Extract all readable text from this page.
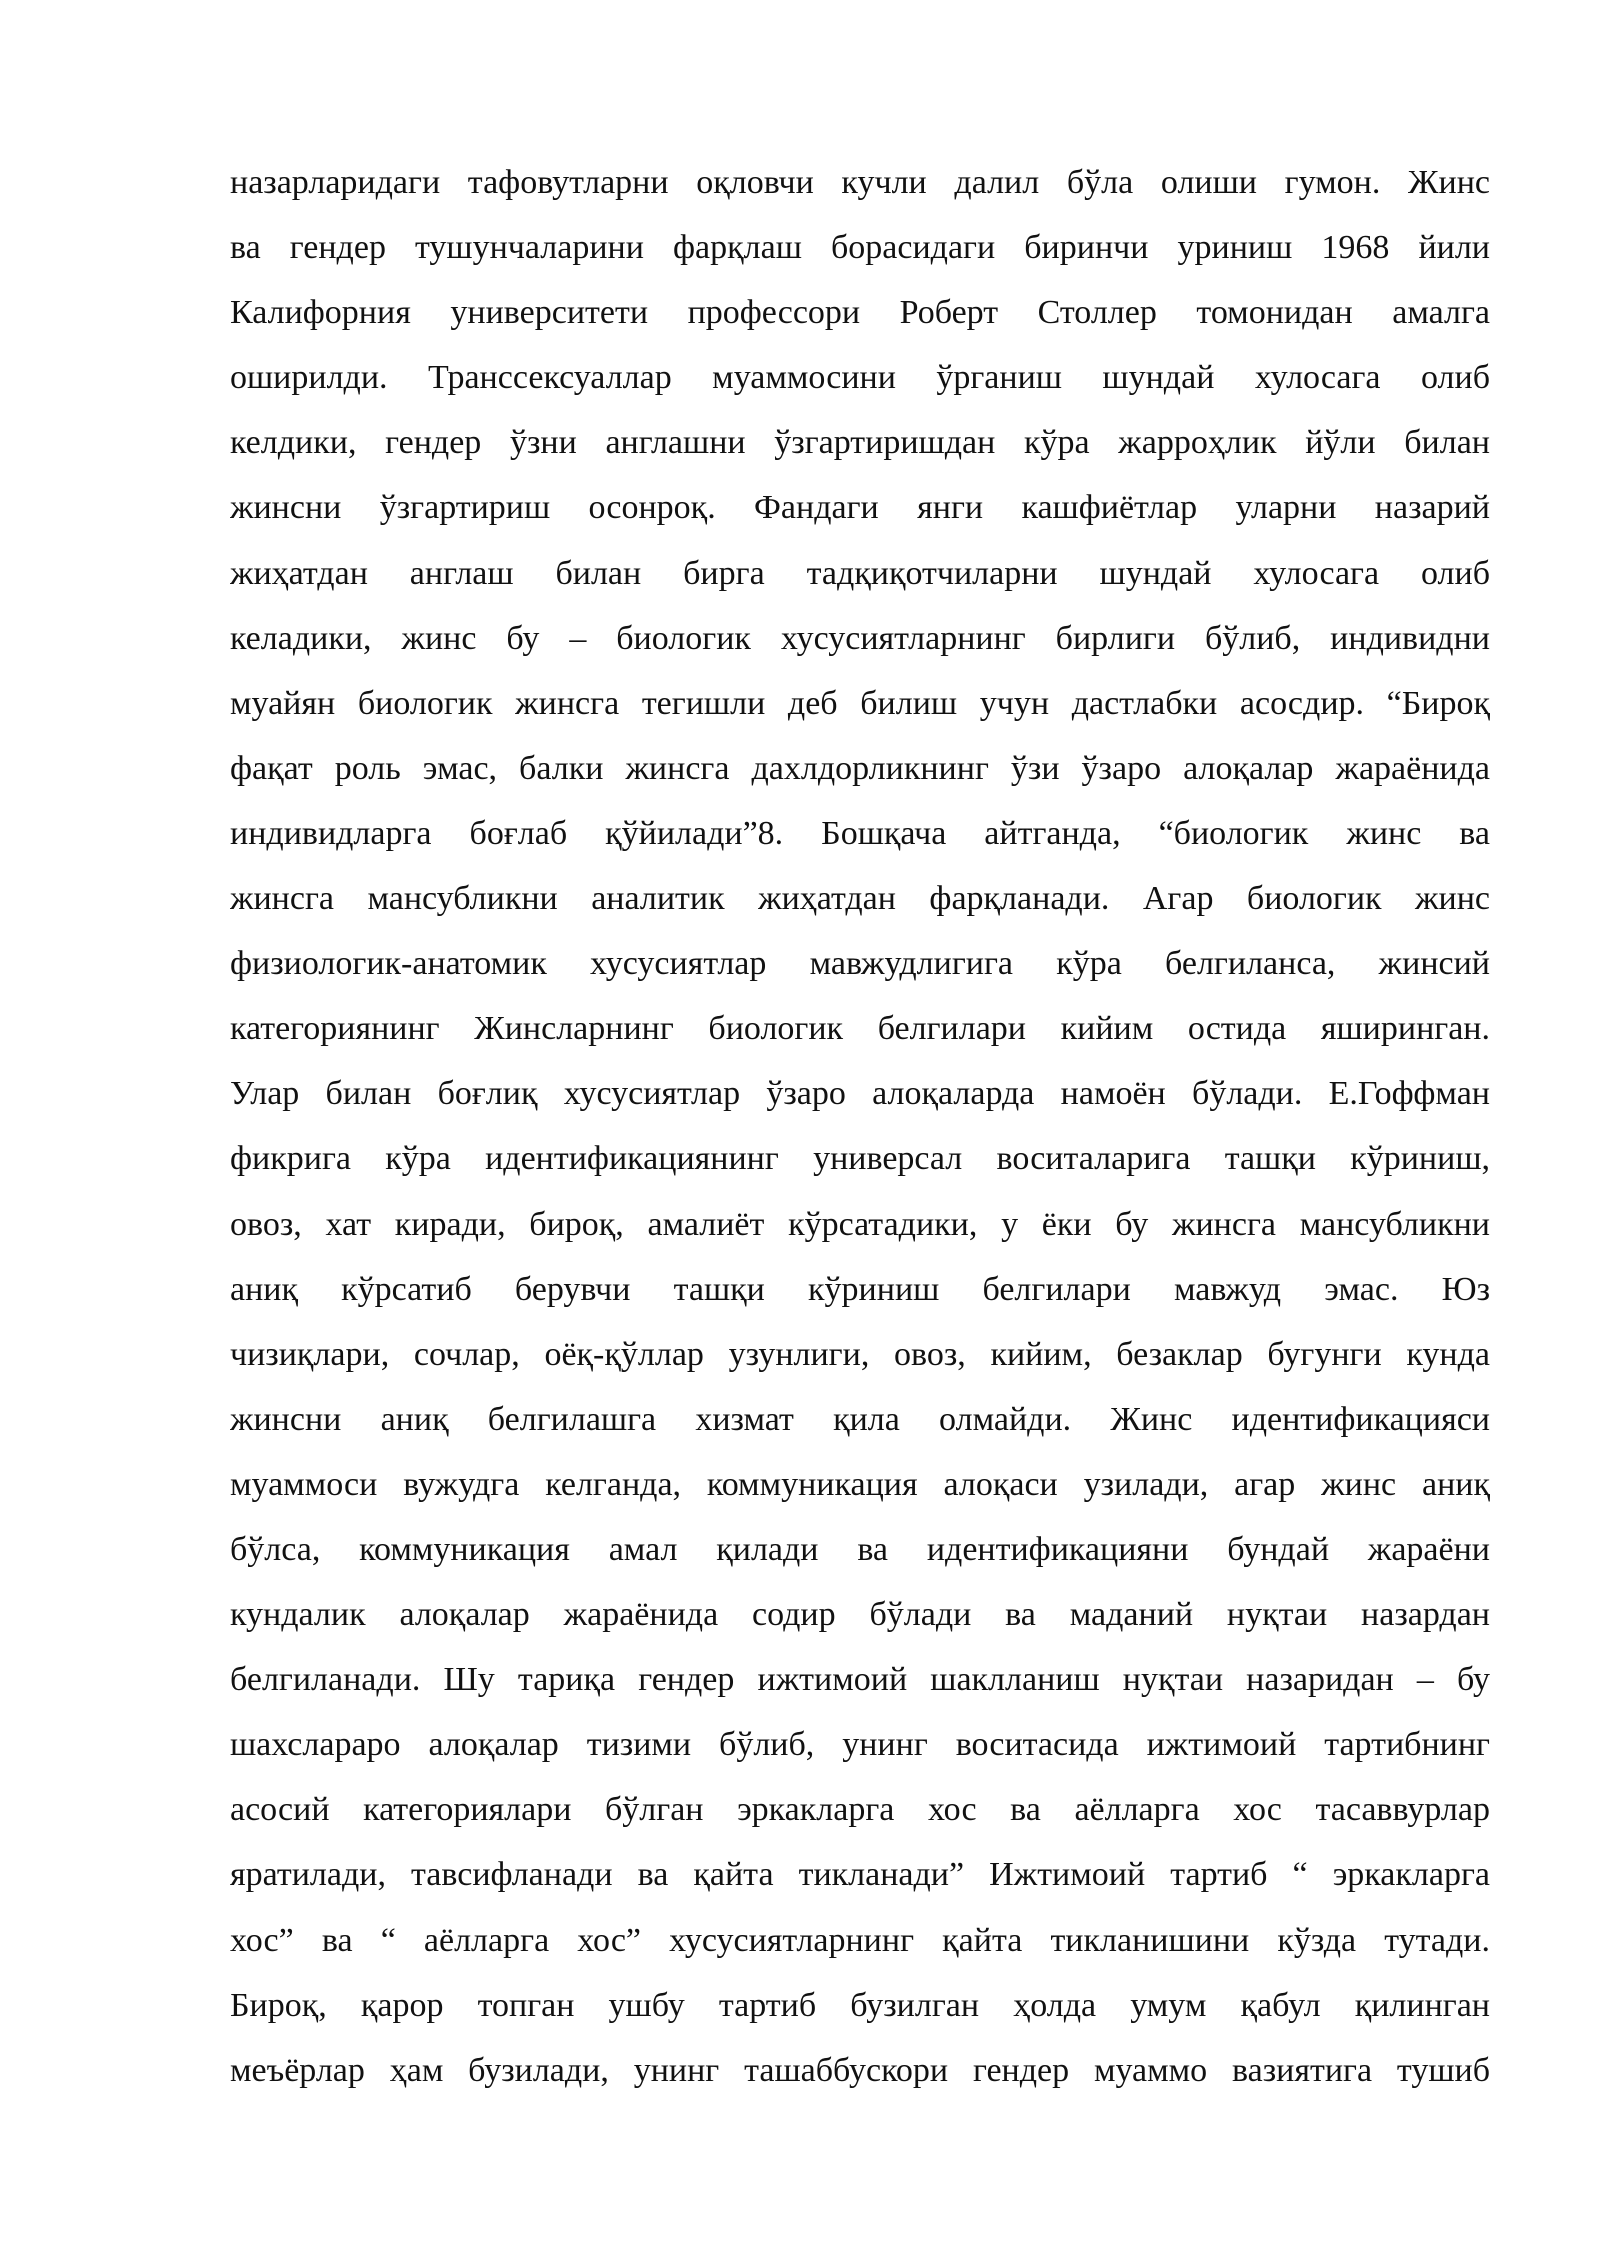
назарларидаги тафовутларни оқловчи кучли далил бўла олиши гумон. Жинс
ва гендер тушунчаларини фарқлаш борасидаги биринчи уриниш 1968 йили
Калифорния университети профессори Роберт Столлер томонидан амалга
оширилди. Транссексуаллар муаммосини ўрганиш шундай хулосага олиб
келдики, гендер ўзни англашни ўзгартиришдан кўра жарроҳлик йўли билан
жинсни ўзгартириш осонроқ. Фандаги янги кашфиётлар уларни назарий
жиҳатдан англаш билан бирга тадқиқотчиларни шундай хулосага олиб
келадики, жинс бу – биологик хусусиятларнинг бирлиги бўлиб, индивидни
муайян биологик жинсга тегишли деб билиш учун дастлабки асосдир. “Бироқ
фақат роль эмас, балки жинсга дахлдорликнинг ўзи ўзаро алоқалар жараёнида
индивидларга боғлаб қўйилади”8. Бошқача айтганда, “биологик жинс ва
жинсга мансубликни аналитик жиҳатдан фарқланади. Агар биологик жинс
физиологик-анатомик хусусиятлар мавжудлигига кўра белгиланса, жинсий
категориянинг Жинсларнинг биологик белгилари кийим остида яширинган.
Улар билан боғлиқ хусусиятлар ўзаро алоқаларда намоён бўлади. Е.Гоффман
фикрига кўра идентификациянинг универсал воситаларига ташқи кўриниш,
овоз, хат киради, бироқ, амалиёт кўрсатадики, у ёки бу жинсга мансубликни
аниқ кўрсатиб берувчи ташқи кўриниш белгилари мавжуд эмас. Юз
чизиқлари, сочлар, оёқ-қўллар узунлиги, овоз, кийим, безаклар бугунги кунда
жинсни аниқ белгилашга хизмат қила олмайди. Жинс идентификацияси
муаммоси вужудга келганда, коммуникация алоқаси узилади, агар жинс аниқ
бўлса, коммуникация амал қилади ва идентификацияни бундай жараёни
кундалик алоқалар жараёнида содир бўлади ва маданий нуқтаи назардан
белгиланади. Шу тариқа гендер ижтимоий шаклланиш нуқтаи назаридан – бу
шахслараро алоқалар тизими бўлиб, унинг воситасида ижтимоий тартибнинг
асосий категориялари бўлган эркакларга хос ва аёлларга хос тасаввурлар
яратилади, тавсифланади ва қайта тикланади” Ижтимоий тартиб “ эркакларга
хос” ва “ аёлларга хос” хусусиятларнинг қайта тикланишини кўзда тутади.
Бироқ, қарор топган ушбу тартиб бузилган ҳолда умум қабул қилинган
меъёрлар ҳам бузилади, унинг ташаббускори гендер муаммо вазиятига тушиб
